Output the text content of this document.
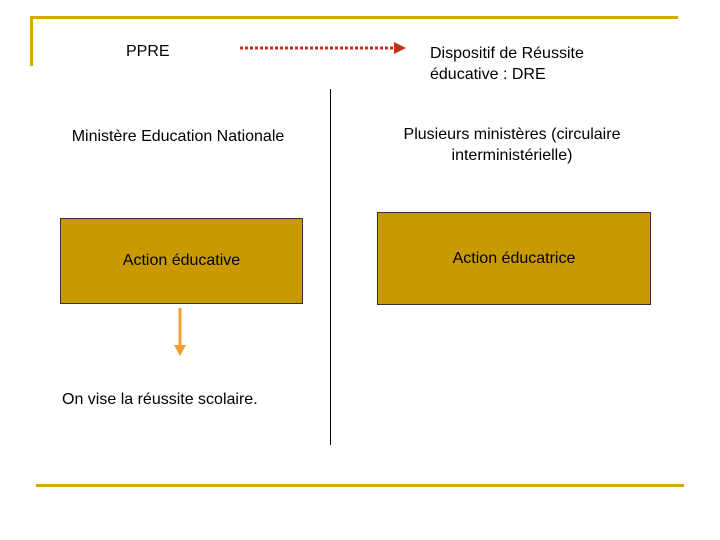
PPRE	Dispositif de Réussite
éducative : DRE
Ministère Education Nationale	Plusieurs ministères (circulaire
interministérielle)
Action éducative	Action éducatrice
On vise la réussite scolaire.
